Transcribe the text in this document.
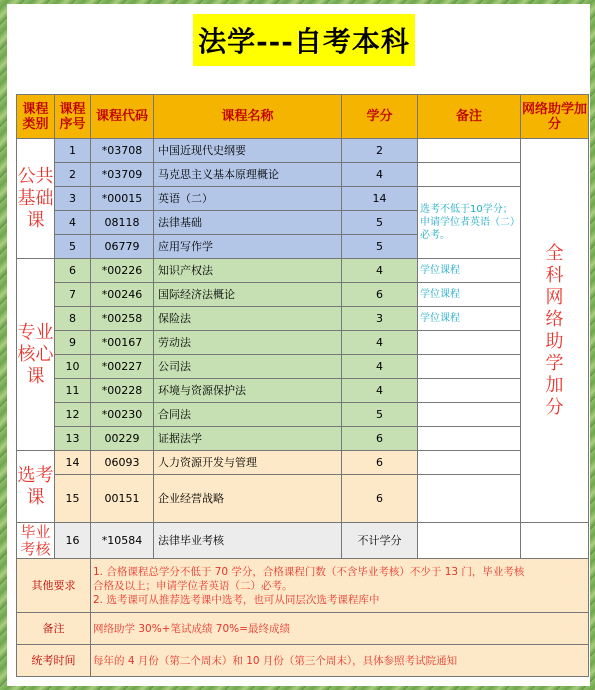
法学---自考本科
课程类别	课程序号	课程代码	课程名称	学分	备注	网络助学加分
公共基础课	1	*03708	中国近现代史纲要	2		全科网络助学加分

	2	*03709	马克思主义基本原理概论	4		
	3	*00015	英语（二）	14	选考不低于10学分；申请学位者英语（二）必考。	
	4	08118	法律基础	5		
	5	06779	应用写作学	5		
专业核心课	6	*00226	知识产权法	4	学位课程	
	7	*00246	国际经济法概论	6	学位课程	
	8	*00258	保险法	3	学位课程	
	9	*00167	劳动法	4		
	10	*00227	公司法	4		
	11	*00228	环境与资源保护法	4		
	12	*00230	合同法	5		
	13	00229	证据法学	6		
选考课	14	06093	人力资源开发与管理	6		
	15	00151	企业经营战略	6		
毕业考核	16	*10584	法律毕业考核	不计学分		
其他要求		1. 合格课程总学分不低于 70 学分，合格课程门数（不含毕业考核）不少于 13 门，毕业考核
合格及以上；申请学位者英语（二）必考。
2. 选考课可从推荐选考课中选考，也可从同层次选考课程库中				

备注		网络助学 30%+笔试成绩 70%=最终成绩				
统考时间		每年的 4 月份（第二个周末）和 10 月份（第三个周末），具体参照考试院通知				
